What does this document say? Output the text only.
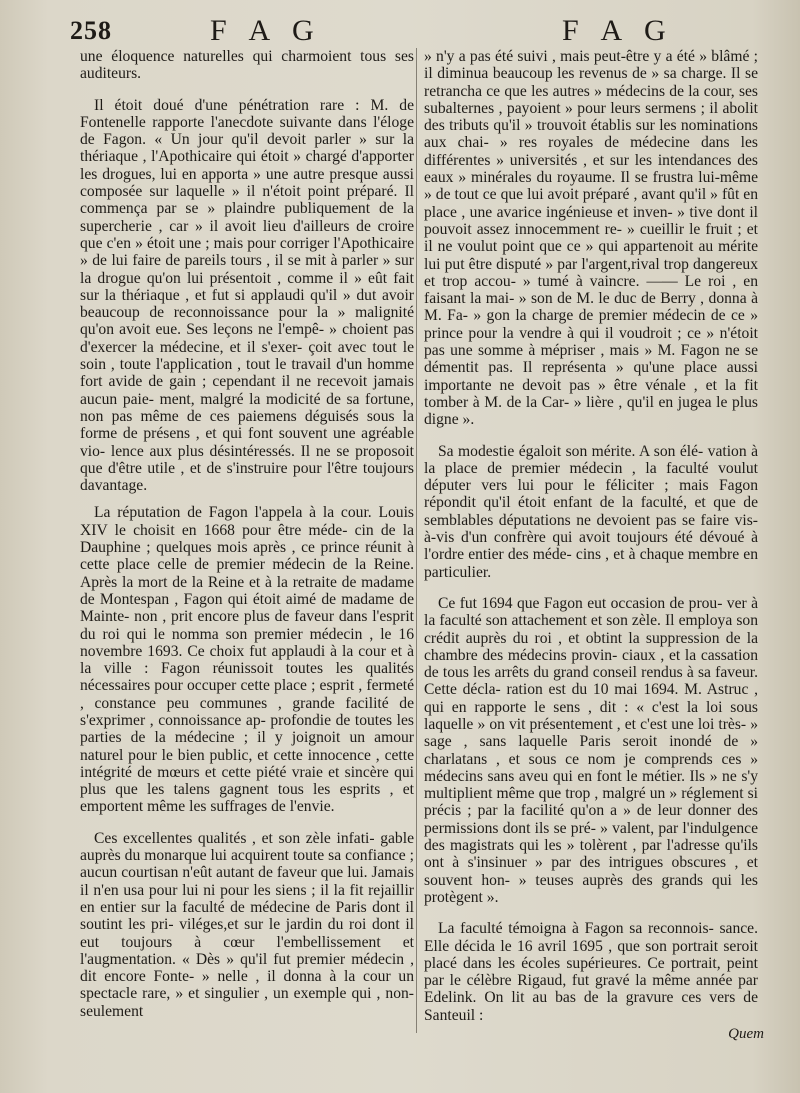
258	F A G	F A G

une éloquence naturelles qui charmoient tous ses auditeurs.

Il étoit doué d'une pénétration rare : M. de Fontenelle rapporte l'anecdote suivante dans l'éloge de Fagon. « Un jour qu'il devoit parler » sur la thériaque , l'Apothicaire qui étoit » chargé d'apporter les drogues, lui en apporta » une autre presque aussi composée sur laquelle » il n'étoit point préparé. Il commença par se » plaindre publiquement de la supercherie , car » il avoit lieu d'ailleurs de croire que c'en » étoit une ; mais pour corriger l'Apothicaire » de lui faire de pareils tours , il se mit à parler » sur la drogue qu'on lui présentoit , comme il » eût fait sur la thériaque , et fut si applaudi qu'il » dut avoir beaucoup de reconnoissance pour la » malignité qu'on avoit eue. Ses leçons ne l'empê- » choient pas d'exercer la médecine, et il s'exer- çoit avec tout le soin , toute l'application , tout le travail d'un homme fort avide de gain ; cependant il ne recevoit jamais aucun paie- ment, malgré la modicité de sa fortune, non pas même de ces paiemens déguisés sous la forme de présens , et qui font souvent une agréable vio- lence aux plus désintéressés. Il ne se proposoit que d'être utile , et de s'instruire pour l'être toujours davantage.

La réputation de Fagon l'appela à la cour. Louis XIV le choisit en 1668 pour être méde- cin de la Dauphine ; quelques mois après , ce prince réunit à cette place celle de premier médecin de la Reine. Après la mort de la Reine et à la retraite de madame de Montespan , Fagon qui étoit aimé de madame de Mainte- non , prit encore plus de faveur dans l'esprit du roi qui le nomma son premier médecin , le 16 novembre 1693. Ce choix fut applaudi à la cour et à la ville : Fagon réunissoit toutes les qualités nécessaires pour occuper cette place ; esprit , fermeté , constance peu communes , grande facilité de s'exprimer , connoissance ap- profondie de toutes les parties de la médecine ; il y joignoit un amour naturel pour le bien public, et cette innocence , cette intégrité de mœurs et cette piété vraie et sincère qui plus que les talens gagnent tous les esprits , et emportent même les suffrages de l'envie.

Ces excellentes qualités , et son zèle infati- gable auprès du monarque lui acquirent toute sa confiance ; aucun courtisan n'eût autant de faveur que lui. Jamais il n'en usa pour lui ni pour les siens ; il la fit rejaillir en entier sur la faculté de médecine de Paris dont il soutint les pri- viléges,et sur le jardin du roi dont il eut toujours à cœur l'embellissement et l'augmentation. « Dès » qu'il fut premier médecin , dit encore Fonte- » nelle , il donna à la cour un spectacle rare, » et singulier , un exemple qui , non-seulement

» n'y a pas été suivi , mais peut-être y a été » blâmé ; il diminua beaucoup les revenus de » sa charge. Il se retrancha ce que les autres » médecins de la cour, ses subalternes , payoient » pour leurs sermens ; il abolit des tributs qu'il » trouvoit établis sur les nominations aux chai- » res royales de médecine dans les différentes » universités , et sur les intendances des eaux » minérales du royaume. Il se frustra lui-même » de tout ce que lui avoit préparé , avant qu'il » fût en place , une avarice ingénieuse et inven- » tive dont il pouvoit assez innocemment re- » cueillir le fruit ; et il ne voulut point que ce » qui appartenoit au mérite lui put être disputé » par l'argent,rival trop dangereux et trop accou- » tumé à vaincre. —— Le roi , en faisant la mai- » son de M. le duc de Berry , donna à M. Fa- » gon la charge de premier médecin de ce » prince pour la vendre à qui il voudroit ; ce » n'étoit pas une somme à mépriser , mais » M. Fagon ne se démentit pas. Il représenta » qu'une place aussi importante ne devoit pas » être vénale , et la fit tomber à M. de la Car- » lière , qu'il en jugea le plus digne ».

Sa modestie égaloit son mérite. A son élé- vation à la place de premier médecin , la faculté voulut députer vers lui pour le féliciter ; mais Fagon répondit qu'il étoit enfant de la faculté, et que de semblables députations ne devoient pas se faire vis-à-vis d'un confrère qui avoit toujours été dévoué à l'ordre entier des méde- cins , et à chaque membre en particulier.

Ce fut 1694 que Fagon eut occasion de prou- ver à la faculté son attachement et son zèle. Il employa son crédit auprès du roi , et obtint la suppression de la chambre des médecins provin- ciaux , et la cassation de tous les arrêts du grand conseil rendus à sa faveur. Cette décla- ration est du 10 mai 1694. M. Astruc , qui en rapporte le sens , dit : « c'est la loi sous laquelle » on vit présentement , et c'est une loi très- » sage , sans laquelle Paris seroit inondé de » charlatans , et sous ce nom je comprends ces » médecins sans aveu qui en font le métier. Ils » ne s'y multiplient même que trop , malgré un » réglement si précis ; par la facilité qu'on a » de leur donner des permissions dont ils se pré- » valent, par l'indulgence des magistrats qui les » tolèrent , par l'adresse qu'ils ont à s'insinuer » par des intrigues obscures , et souvent hon- » teuses auprès des grands qui les protègent ».

La faculté témoigna à Fagon sa reconnois- sance. Elle décida le 16 avril 1695 , que son portrait seroit placé dans les écoles supérieures. Ce portrait, peint par le célèbre Rigaud, fut gravé la même année par Edelink. On lit au bas de la gravure ces vers de Santeuil :

Quem
